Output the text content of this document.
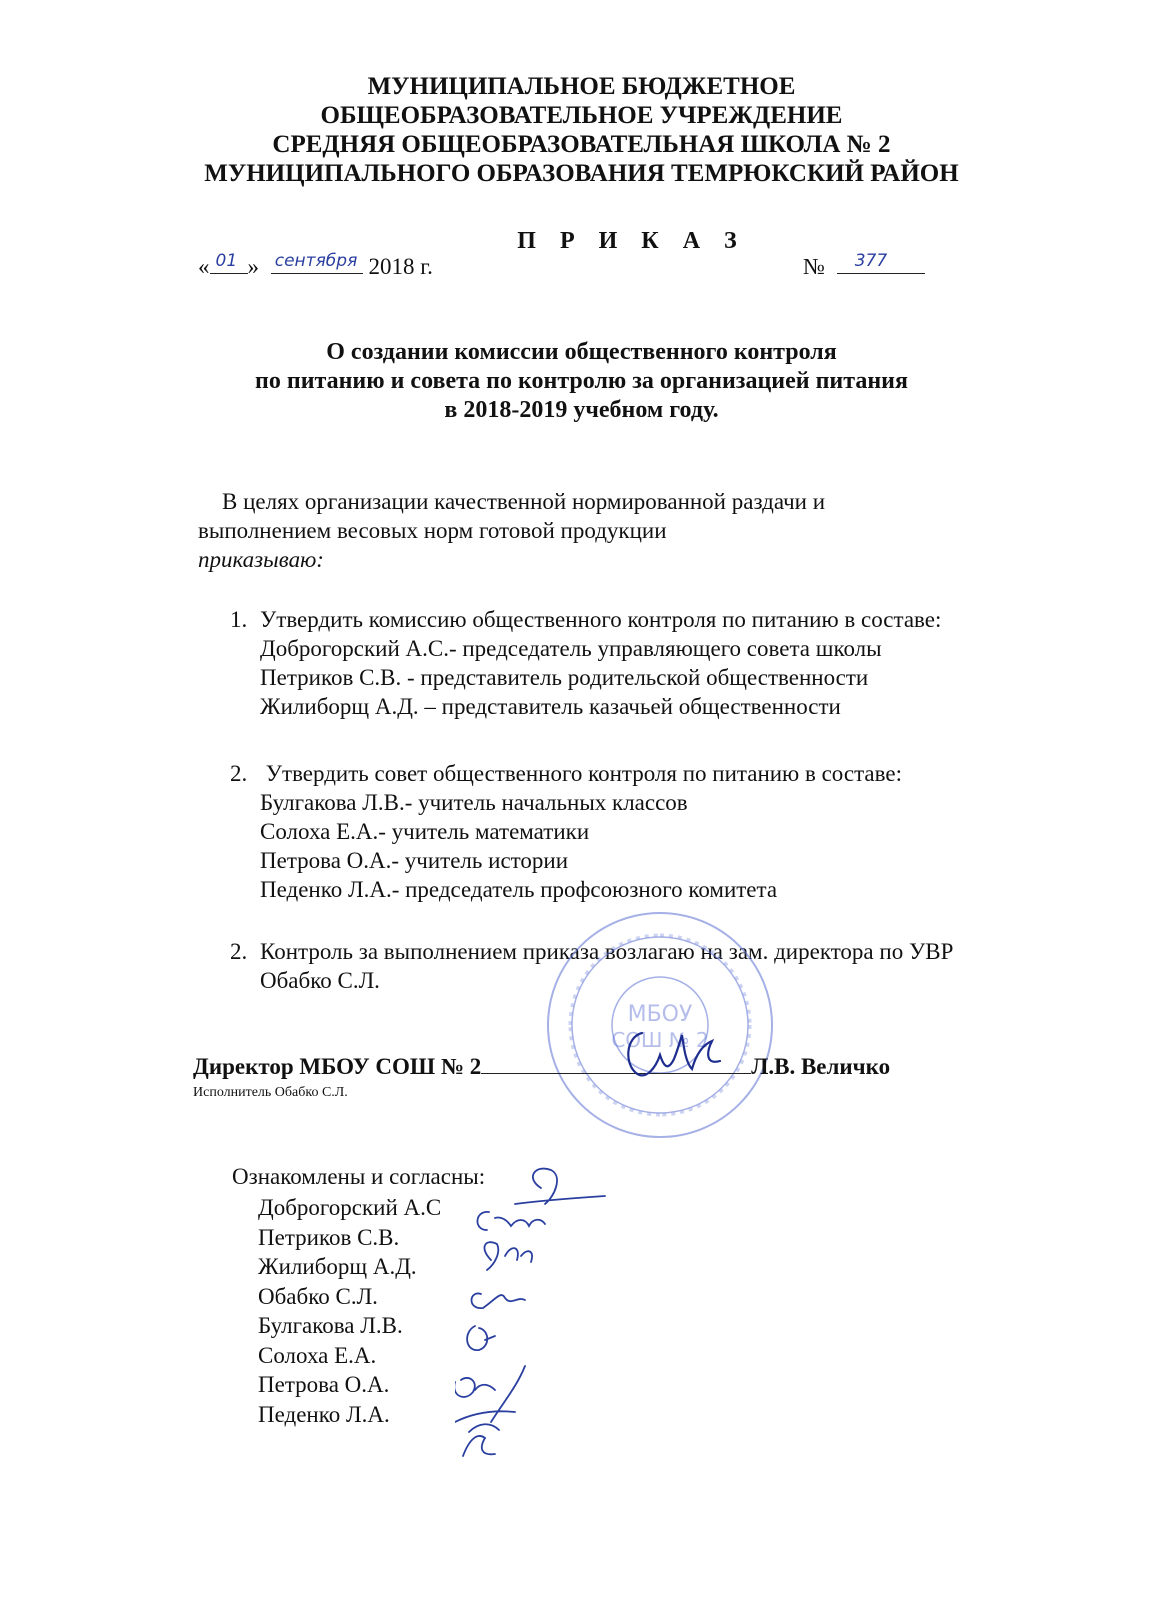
МУНИЦИПАЛЬНОЕ БЮДЖЕТНОЕ
ОБЩЕОБРАЗОВАТЕЛЬНОЕ УЧРЕЖДЕНИЕ
СРЕДНЯЯ ОБЩЕОБРАЗОВАТЕЛЬНАЯ ШКОЛА № 2
МУНИЦИПАЛЬНОГО ОБРАЗОВАНИЯ ТЕМРЮКСКИЙ РАЙОН
П Р И К А З
« 01 » сентября 2018 г.	№ 377
О создании комиссии общественного контроля
по питанию и совета по контролю за организацией питания
в 2018-2019 учебном году.
В целях организации качественной нормированной раздачи и
выполнением весовых норм готовой продукции
приказываю:
1. Утвердить комиссию общественного контроля по питанию в составе:
Доброгорский А.С.- председатель управляющего совета школы
Петриков С.В. - представитель родительской общественности
Жилиборщ А.Д. – представитель казачьей общественности
2. Утвердить совет общественного контроля по питанию в составе:
Булгакова Л.В.- учитель начальных классов
Солоха Е.А.- учитель математики
Петрова О.А.- учитель истории
Педенко Л.А.- председатель профсоюзного комитета
2. Контроль за выполнением приказа возлагаю на зам. директора по УВР
Обабко С.Л.
МБОУ
СОШ № 2
Директор МБОУ СОШ № 2	Л.В. Величко
Исполнитель Обабко С.Л.
Ознакомлены и согласны:
Доброгорский А.С
Петриков С.В.
Жилиборщ А.Д.
Обабко С.Л.
Булгакова Л.В.
Солоха Е.А.
Петрова О.А.
Педенко Л.А.
